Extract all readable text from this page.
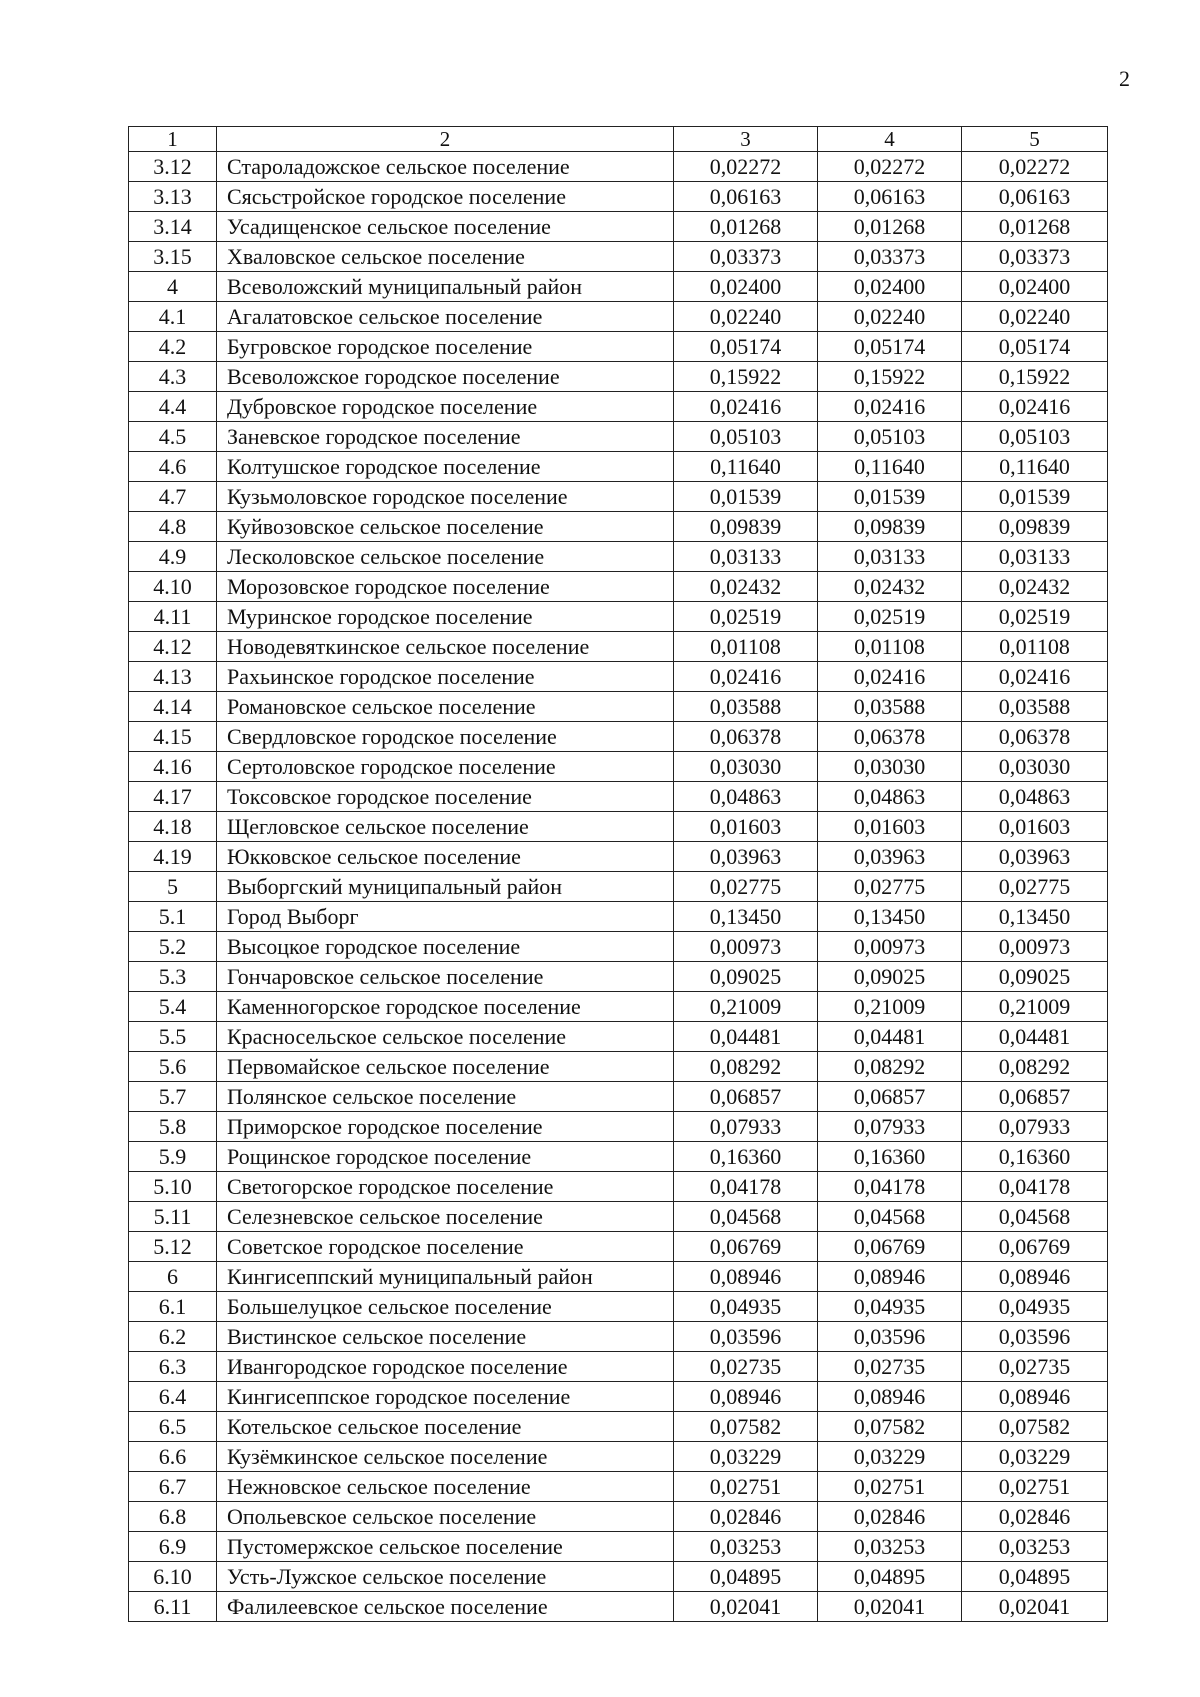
2
1	2	3	4	5
3.12	Староладожское сельское поселение	0,02272	0,02272	0,02272
3.13	Сясьстройское городское поселение	0,06163	0,06163	0,06163
3.14	Усадищенское сельское поселение	0,01268	0,01268	0,01268
3.15	Хваловское сельское поселение	0,03373	0,03373	0,03373
4	Всеволожский муниципальный район	0,02400	0,02400	0,02400
4.1	Агалатовское сельское поселение	0,02240	0,02240	0,02240
4.2	Бугровское городское поселение	0,05174	0,05174	0,05174
4.3	Всеволожское городское поселение	0,15922	0,15922	0,15922
4.4	Дубровское городское поселение	0,02416	0,02416	0,02416
4.5	Заневское городское поселение	0,05103	0,05103	0,05103
4.6	Колтушское городское поселение	0,11640	0,11640	0,11640
4.7	Кузьмоловское городское поселение	0,01539	0,01539	0,01539
4.8	Куйвозовское сельское поселение	0,09839	0,09839	0,09839
4.9	Лесколовское сельское поселение	0,03133	0,03133	0,03133
4.10	Морозовское городское поселение	0,02432	0,02432	0,02432
4.11	Муринское городское поселение	0,02519	0,02519	0,02519
4.12	Новодевяткинское сельское поселение	0,01108	0,01108	0,01108
4.13	Рахьинское городское поселение	0,02416	0,02416	0,02416
4.14	Романовское сельское поселение	0,03588	0,03588	0,03588
4.15	Свердловское городское поселение	0,06378	0,06378	0,06378
4.16	Сертоловское городское поселение	0,03030	0,03030	0,03030
4.17	Токсовское городское поселение	0,04863	0,04863	0,04863
4.18	Щегловское сельское поселение	0,01603	0,01603	0,01603
4.19	Юкковское сельское поселение	0,03963	0,03963	0,03963
5	Выборгский муниципальный район	0,02775	0,02775	0,02775
5.1	Город Выборг	0,13450	0,13450	0,13450
5.2	Высоцкое городское поселение	0,00973	0,00973	0,00973
5.3	Гончаровское сельское поселение	0,09025	0,09025	0,09025
5.4	Каменногорское городское поселение	0,21009	0,21009	0,21009
5.5	Красносельское сельское поселение	0,04481	0,04481	0,04481
5.6	Первомайское сельское поселение	0,08292	0,08292	0,08292
5.7	Полянское сельское поселение	0,06857	0,06857	0,06857
5.8	Приморское городское поселение	0,07933	0,07933	0,07933
5.9	Рощинское городское поселение	0,16360	0,16360	0,16360
5.10	Светогорское городское поселение	0,04178	0,04178	0,04178
5.11	Селезневское сельское поселение	0,04568	0,04568	0,04568
5.12	Советское городское поселение	0,06769	0,06769	0,06769
6	Кингисеппский муниципальный район	0,08946	0,08946	0,08946
6.1	Большелуцкое сельское поселение	0,04935	0,04935	0,04935
6.2	Вистинское сельское поселение	0,03596	0,03596	0,03596
6.3	Ивангородское городское поселение	0,02735	0,02735	0,02735
6.4	Кингисеппское городское поселение	0,08946	0,08946	0,08946
6.5	Котельское сельское поселение	0,07582	0,07582	0,07582
6.6	Кузёмкинское сельское поселение	0,03229	0,03229	0,03229
6.7	Нежновское сельское поселение	0,02751	0,02751	0,02751
6.8	Опольевское сельское поселение	0,02846	0,02846	0,02846
6.9	Пустомержское сельское поселение	0,03253	0,03253	0,03253
6.10	Усть-Лужское сельское поселение	0,04895	0,04895	0,04895
6.11	Фалилеевское сельское поселение	0,02041	0,02041	0,02041
